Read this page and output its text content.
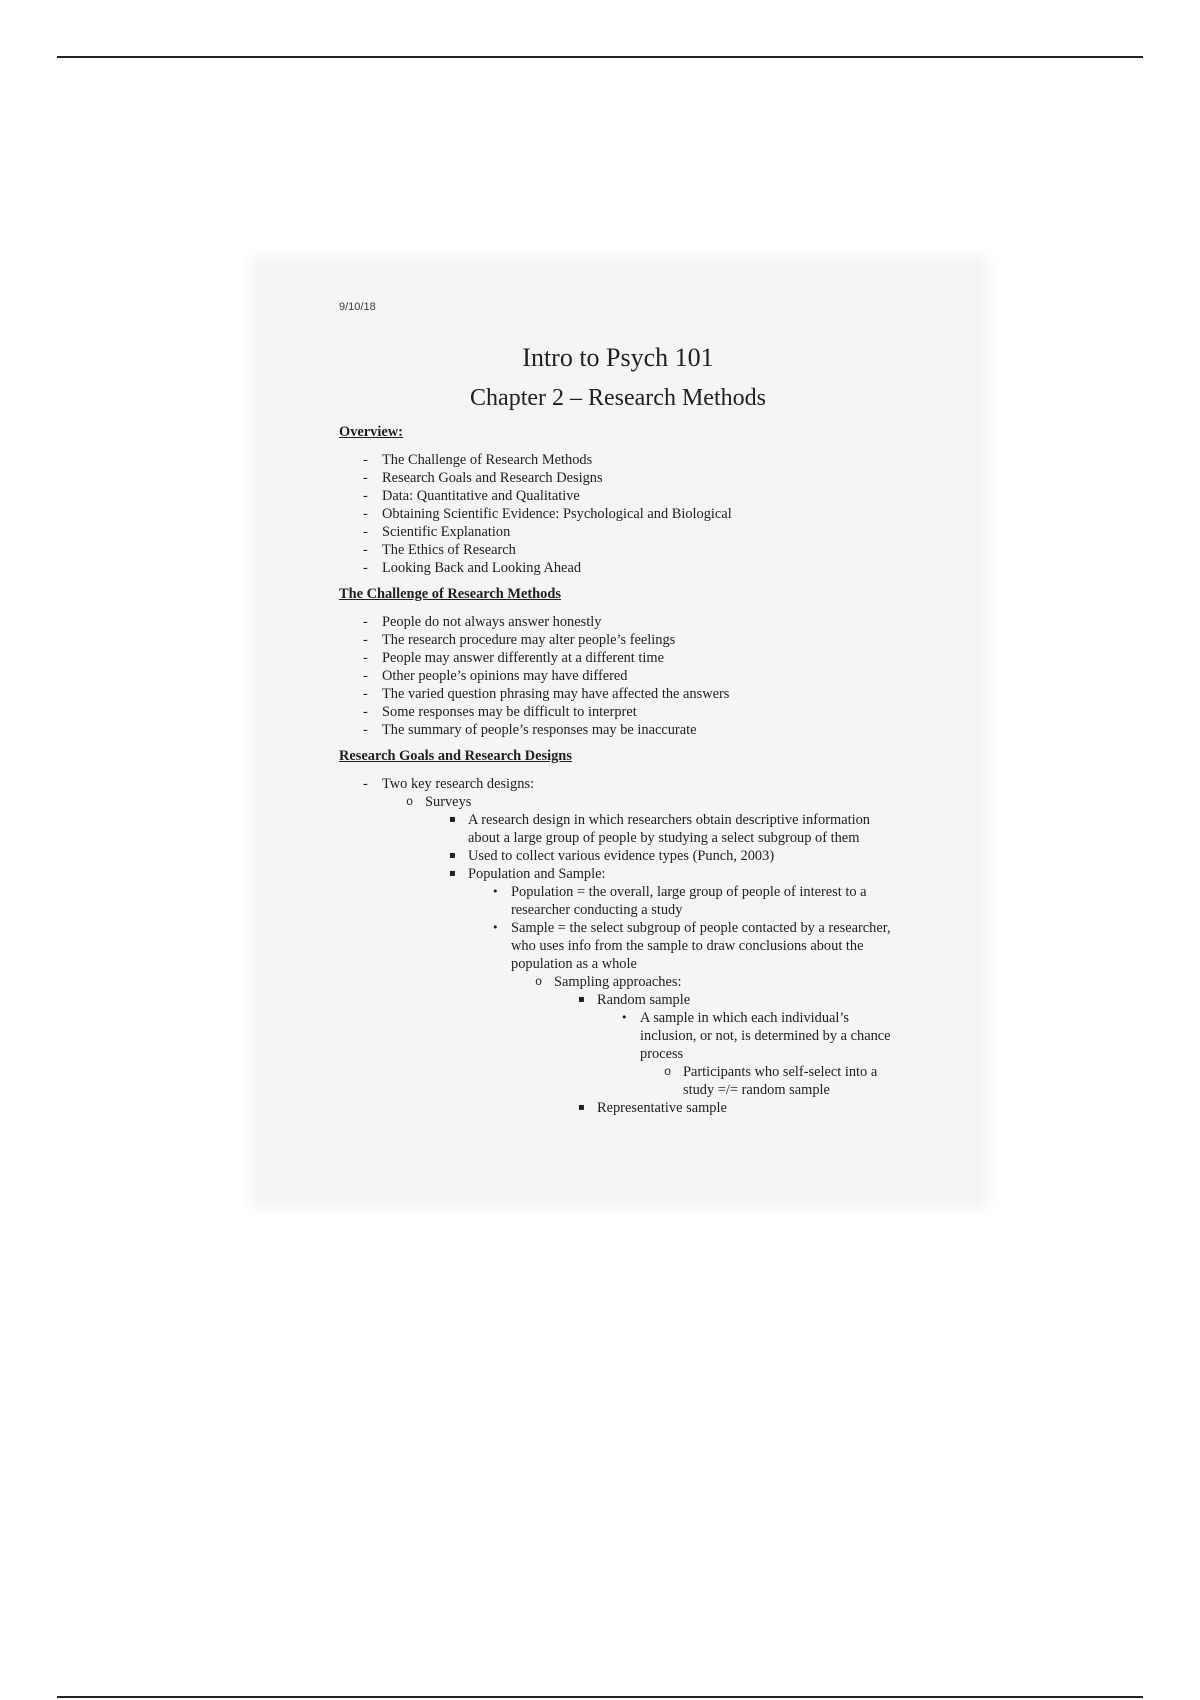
9/10/18
Intro to Psych 101
Chapter 2 – Research Methods
Overview:
- The Challenge of Research Methods
- Research Goals and Research Designs
- Data: Quantitative and Qualitative
- Obtaining Scientific Evidence: Psychological and Biological
- Scientific Explanation
- The Ethics of Research
- Looking Back and Looking Ahead
The Challenge of Research Methods
- People do not always answer honestly
- The research procedure may alter people’s feelings
- People may answer differently at a different time
- Other people’s opinions may have differed
- The varied question phrasing may have affected the answers
- Some responses may be difficult to interpret
- The summary of people’s responses may be inaccurate
Research Goals and Research Designs
- Two key research designs:
o Surveys
▪ A research design in which researchers obtain descriptive information
about a large group of people by studying a select subgroup of them
▪ Used to collect various evidence types (Punch, 2003)
▪ Population and Sample:
• Population = the overall, large group of people of interest to a
researcher conducting a study
• Sample = the select subgroup of people contacted by a researcher,
who uses info from the sample to draw conclusions about the
population as a whole
o Sampling approaches:
▪ Random sample
• A sample in which each individual’s
inclusion, or not, is determined by a chance
process
o Participants who self-select into a
study =/= random sample
▪ Representative sample
